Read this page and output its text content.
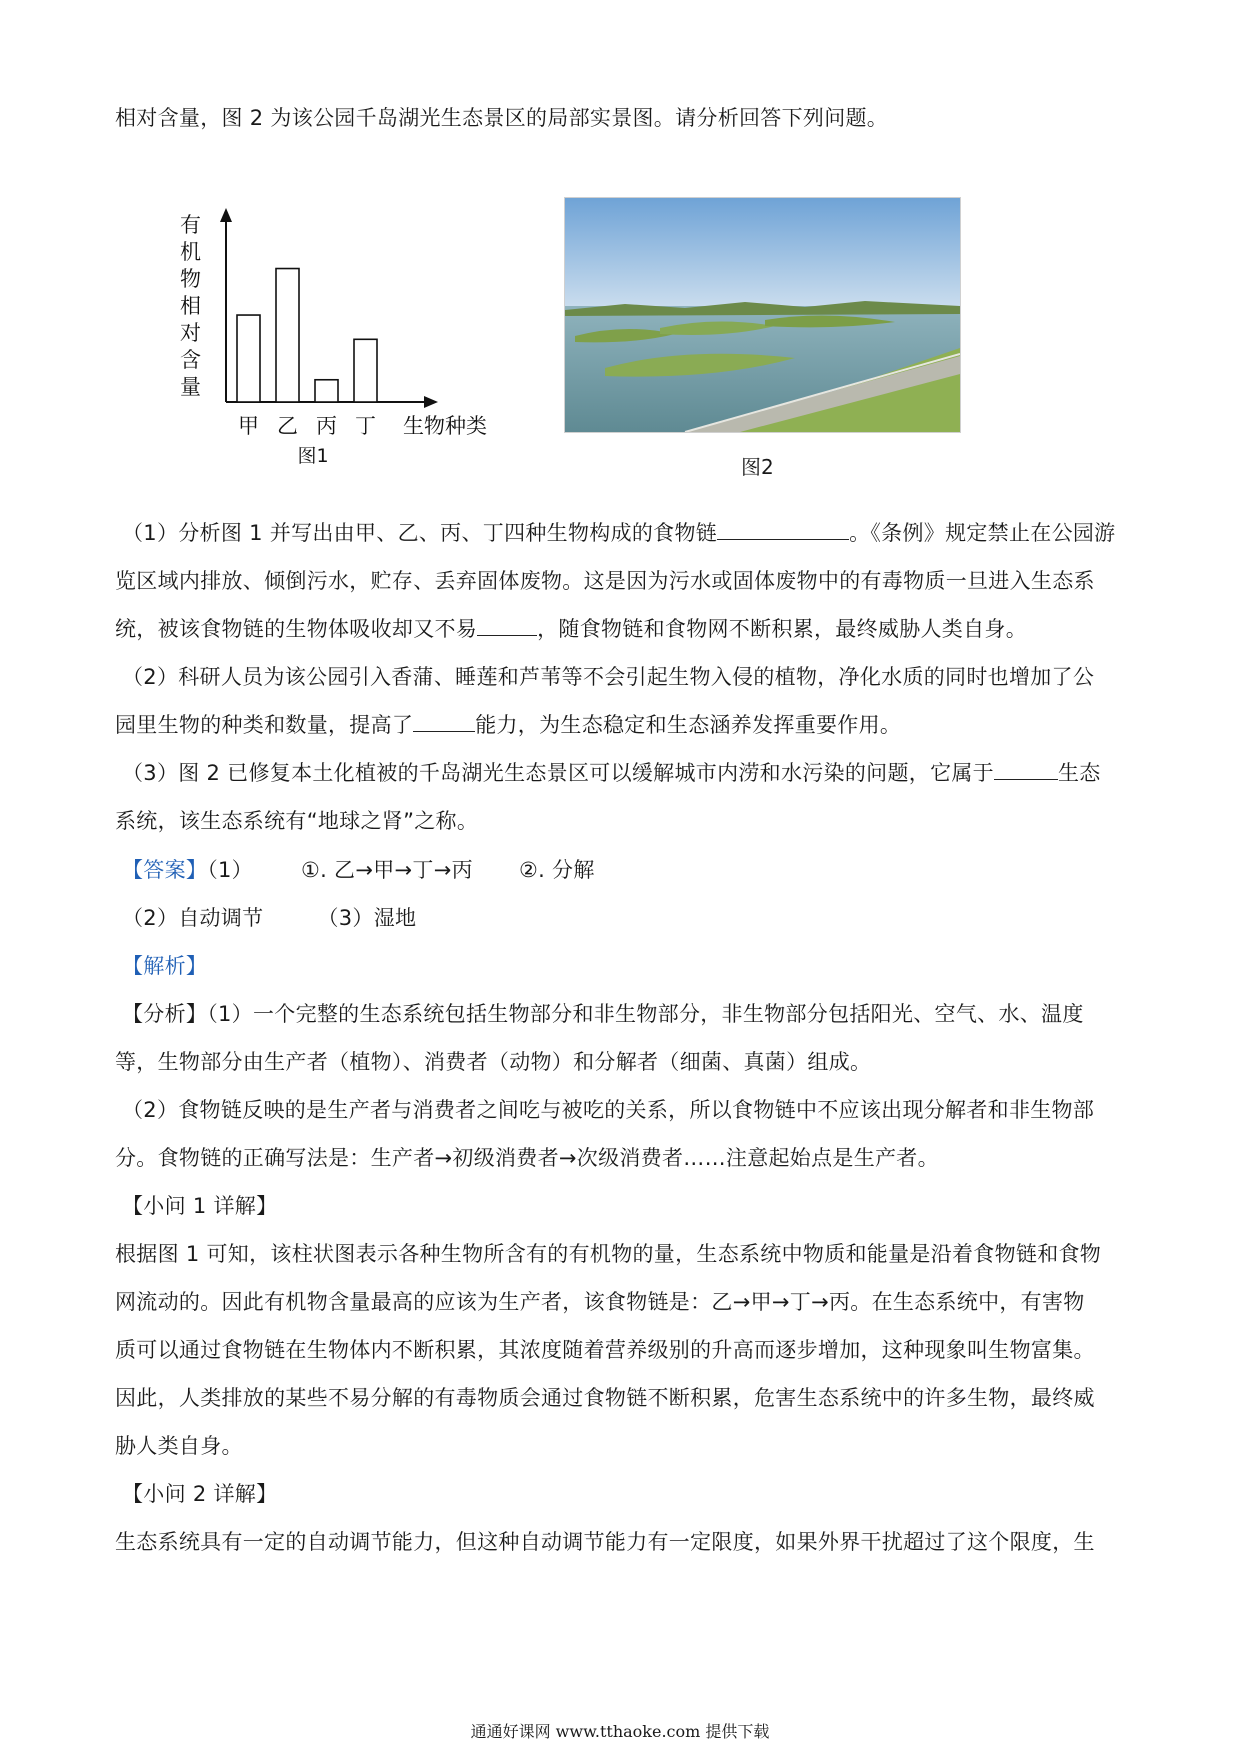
相对含量，图 2 为该公园千岛湖光生态景区的局部实景图。请分析回答下列问题。
有
机
物
相
对
含
量
甲 乙 丙 丁 生物种类
图1	图2
（1）分析图 1 并写出由甲、乙、丙、丁四种生物构成的食物链	。《条例》规定禁止在公园游
览区域内排放、倾倒污水，贮存、丢弃固体废物。这是因为污水或固体废物中的有毒物质一旦进入生态系
统，被该食物链的生物体吸收却又不易	，随食物链和食物网不断积累，最终威胁人类自身。
（2）科研人员为该公园引入香蒲、睡莲和芦苇等不会引起生物入侵的植物，净化水质的同时也增加了公
园里生物的种类和数量，提高了	能力，为生态稳定和生态涵养发挥重要作用。
（3）图 2 已修复本土化植被的千岛湖光生态景区可以缓解城市内涝和水污染的问题，它属于	生态
系统，该生态系统有“地球之肾”之称。
【答案】（1） ①. 乙→甲→丁→丙 ②. 分解
（2）自动调节	（3）湿地
【解析】
【分析】（1）一个完整的生态系统包括生物部分和非生物部分，非生物部分包括阳光、空气、水、温度
等，生物部分由生产者（植物）、消费者（动物）和分解者（细菌、真菌）组成。
（2）食物链反映的是生产者与消费者之间吃与被吃的关系，所以食物链中不应该出现分解者和非生物部
分。食物链的正确写法是：生产者→初级消费者→次级消费者……注意起始点是生产者。
【小问 1 详解】
根据图 1 可知，该柱状图表示各种生物所含有的有机物的量，生态系统中物质和能量是沿着食物链和食物
网流动的。因此有机物含量最高的应该为生产者，该食物链是：乙→甲→丁→丙。在生态系统中，有害物
质可以通过食物链在生物体内不断积累，其浓度随着营养级别的升高而逐步增加，这种现象叫生物富集。
因此，人类排放的某些不易分解的有毒物质会通过食物链不断积累，危害生态系统中的许多生物，最终威
胁人类自身。
【小问 2 详解】
生态系统具有一定的自动调节能力，但这种自动调节能力有一定限度，如果外界干扰超过了这个限度，生
通通好课网 www.tthaoke.com 提供下载
